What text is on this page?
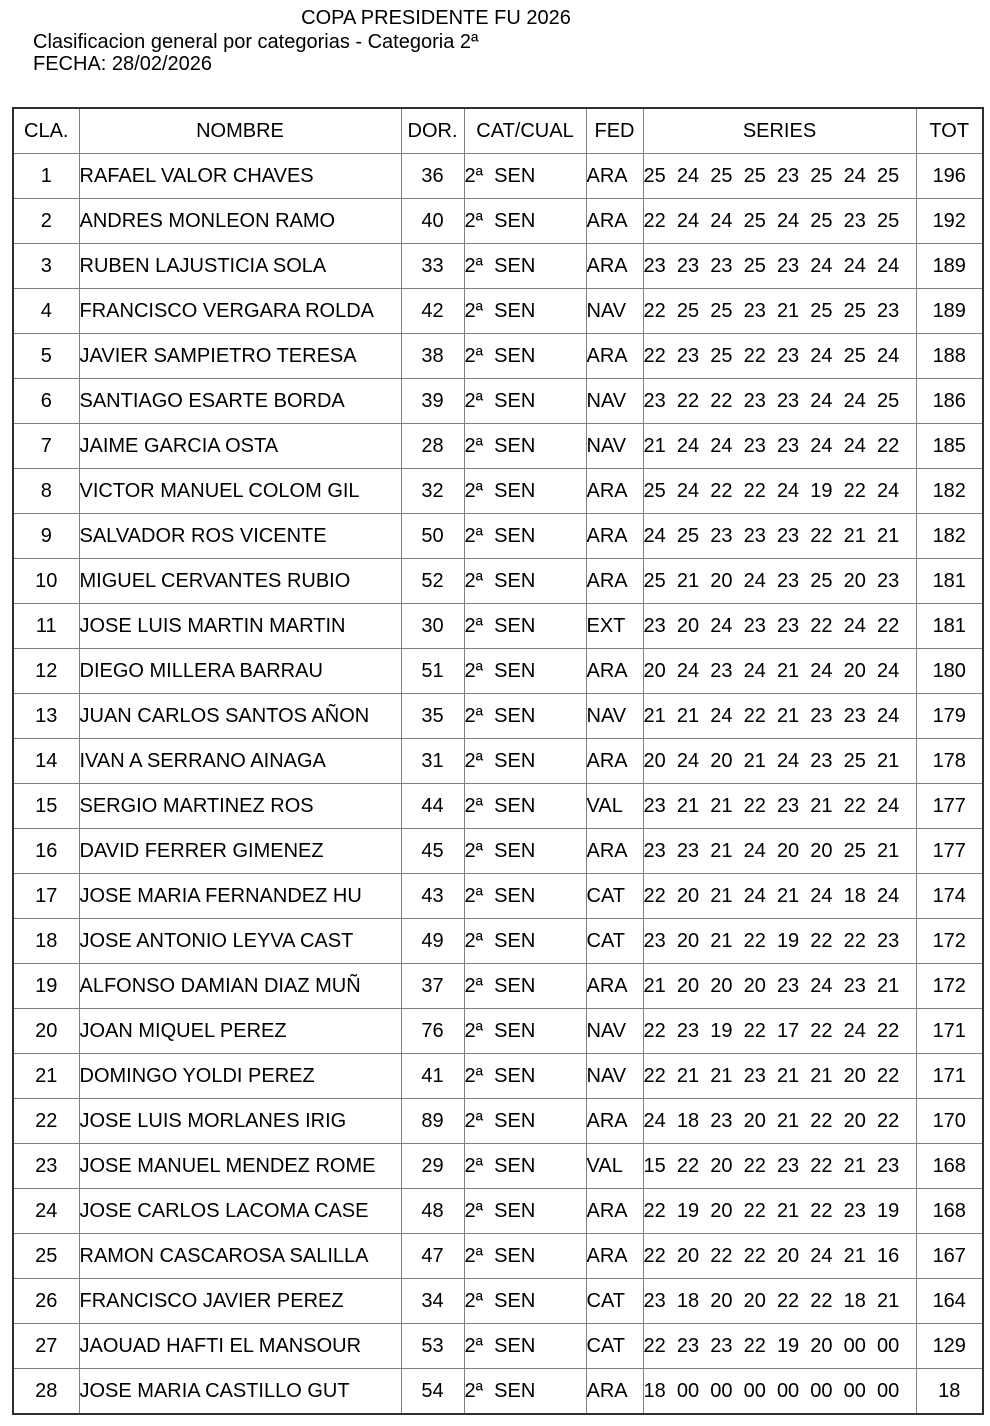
COPA PRESIDENTE FU 2026
Clasificacion general por categorias - Categoria 2ª
FECHA: 28/02/2026
CLA.	NOMBRE	DOR.	CAT/CUAL	FED	SERIES	TOT
1	RAFAEL VALOR CHAVES	36	2ª  SEN	ARA	25  24  25  25  23  25  24  25	196
2	ANDRES MONLEON RAMO	40	2ª  SEN	ARA	22  24  24  25  24  25  23  25	192
3	RUBEN LAJUSTICIA SOLA	33	2ª  SEN	ARA	23  23  23  25  23  24  24  24	189
4	FRANCISCO VERGARA ROLDA	42	2ª  SEN	NAV	22  25  25  23  21  25  25  23	189
5	JAVIER SAMPIETRO TERESA	38	2ª  SEN	ARA	22  23  25  22  23  24  25  24	188
6	SANTIAGO ESARTE BORDA	39	2ª  SEN	NAV	23  22  22  23  23  24  24  25	186
7	JAIME GARCIA OSTA	28	2ª  SEN	NAV	21  24  24  23  23  24  24  22	185
8	VICTOR MANUEL COLOM GIL	32	2ª  SEN	ARA	25  24  22  22  24  19  22  24	182
9	SALVADOR ROS VICENTE	50	2ª  SEN	ARA	24  25  23  23  23  22  21  21	182
10	MIGUEL CERVANTES RUBIO	52	2ª  SEN	ARA	25  21  20  24  23  25  20  23	181
11	JOSE LUIS MARTIN MARTIN	30	2ª  SEN	EXT	23  20  24  23  23  22  24  22	181
12	DIEGO MILLERA BARRAU	51	2ª  SEN	ARA	20  24  23  24  21  24  20  24	180
13	JUAN CARLOS SANTOS AÑON	35	2ª  SEN	NAV	21  21  24  22  21  23  23  24	179
14	IVAN A SERRANO AINAGA	31	2ª  SEN	ARA	20  24  20  21  24  23  25  21	178
15	SERGIO MARTINEZ ROS	44	2ª  SEN	VAL	23  21  21  22  23  21  22  24	177
16	DAVID FERRER GIMENEZ	45	2ª  SEN	ARA	23  23  21  24  20  20  25  21	177
17	JOSE MARIA FERNANDEZ HU	43	2ª  SEN	CAT	22  20  21  24  21  24  18  24	174
18	JOSE ANTONIO LEYVA CAST	49	2ª  SEN	CAT	23  20  21  22  19  22  22  23	172
19	ALFONSO DAMIAN DIAZ MUÑ	37	2ª  SEN	ARA	21  20  20  20  23  24  23  21	172
20	JOAN MIQUEL PEREZ	76	2ª  SEN	NAV	22  23  19  22  17  22  24  22	171
21	DOMINGO YOLDI PEREZ	41	2ª  SEN	NAV	22  21  21  23  21  21  20  22	171
22	JOSE LUIS MORLANES IRIG	89	2ª  SEN	ARA	24  18  23  20  21  22  20  22	170
23	JOSE MANUEL MENDEZ ROME	29	2ª  SEN	VAL	15  22  20  22  23  22  21  23	168
24	JOSE CARLOS LACOMA CASE	48	2ª  SEN	ARA	22  19  20  22  21  22  23  19	168
25	RAMON CASCAROSA SALILLA	47	2ª  SEN	ARA	22  20  22  22  20  24  21  16	167
26	FRANCISCO JAVIER PEREZ	34	2ª  SEN	CAT	23  18  20  20  22  22  18  21	164
27	JAOUAD HAFTI EL MANSOUR	53	2ª  SEN	CAT	22  23  23  22  19  20  00  00	129
28	JOSE MARIA CASTILLO GUT	54	2ª  SEN	ARA	18  00  00  00  00  00  00  00	18
